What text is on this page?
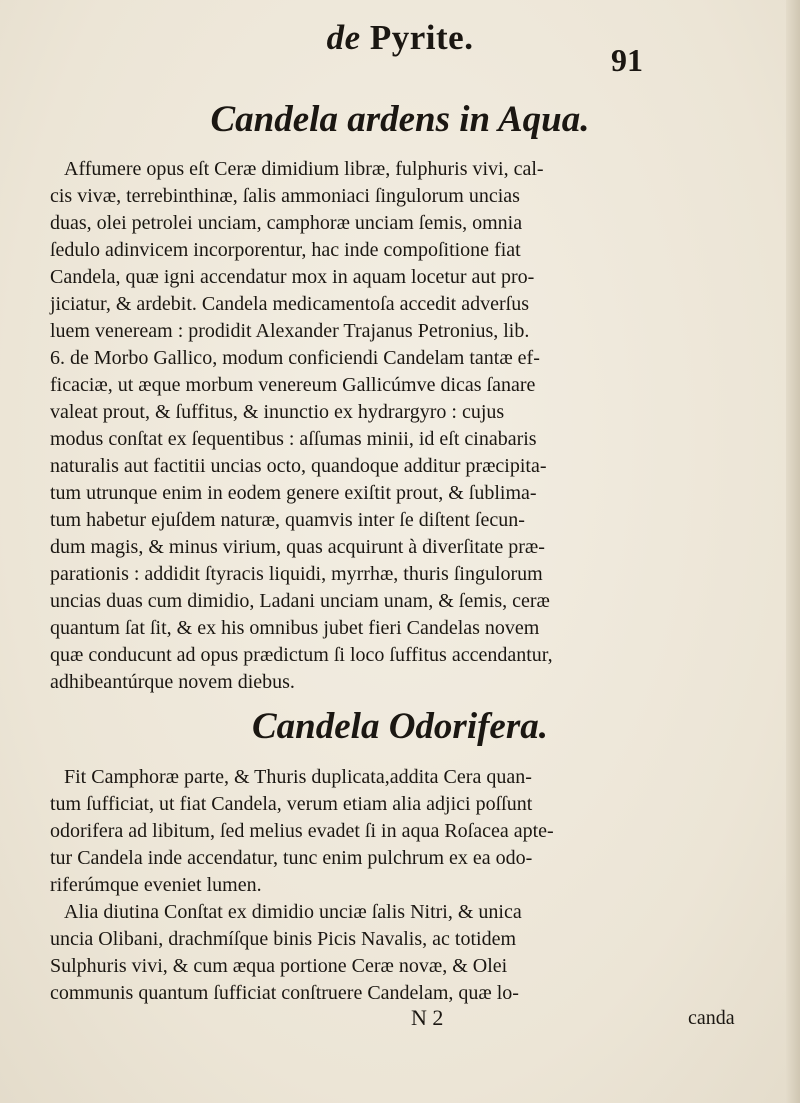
de Pyrite.
91
Candela ardens in Aqua.
Affumere opus eſt Ceræ dimidium libræ, fulphuris vivi, cal-
cis vivæ, terrebinthinæ, ſalis ammoniaci ſingulorum uncias
duas, olei petrolei unciam, camphoræ unciam ſemis, omnia
ſedulo adinvicem incorporentur, hac inde compoſitione fiat
Candela, quæ igni accendatur mox in aquam locetur aut pro-
jiciatur, & ardebit. Candela medicamentoſa accedit adverſus
luem veneream : prodidit Alexander Trajanus Petronius, lib.
6. de Morbo Gallico, modum conficiendi Candelam tantæ ef-
ficaciæ, ut æque morbum venereum Gallicúmve dicas ſanare
valeat prout, & ſuffitus, & inunctio ex hydrargyro : cujus
modus conſtat ex ſequentibus : aſſumas minii, id eſt cinabaris
naturalis aut factitii uncias octo, quandoque additur præcipita-
tum utrunque enim in eodem genere exiſtit prout, & ſublima-
tum habetur ejuſdem naturæ, quamvis inter ſe diſtent ſecun-
dum magis, & minus virium, quas acquirunt à diverſitate præ-
parationis : addidit ſtyracis liquidi, myrrhæ, thuris ſingulorum
uncias duas cum dimidio, Ladani unciam unam, & ſemis, ceræ
quantum ſat ſit, & ex his omnibus jubet fieri Candelas novem
quæ conducunt ad opus prædictum ſi loco ſuffitus accendantur,
adhibeantúrque novem diebus.
Candela Odorifera.
Fit Camphoræ parte, & Thuris duplicata,addita Cera quan-
tum ſufficiat, ut fiat Candela, verum etiam alia adjici poſſunt
odorifera ad libitum, ſed melius evadet ſi in aqua Roſacea apte-
tur Candela inde accendatur, tunc enim pulchrum ex ea odo-
riferúmque eveniet lumen.
Alia diutina Conſtat ex dimidio unciæ ſalis Nitri, & unica
uncia Olibani, drachmíſque binis Picis Navalis, ac totidem
Sulphuris vivi, & cum æqua portione Ceræ novæ, & Olei
communis quantum ſufficiat conſtruere Candelam, quæ lo-
N 2	canda
